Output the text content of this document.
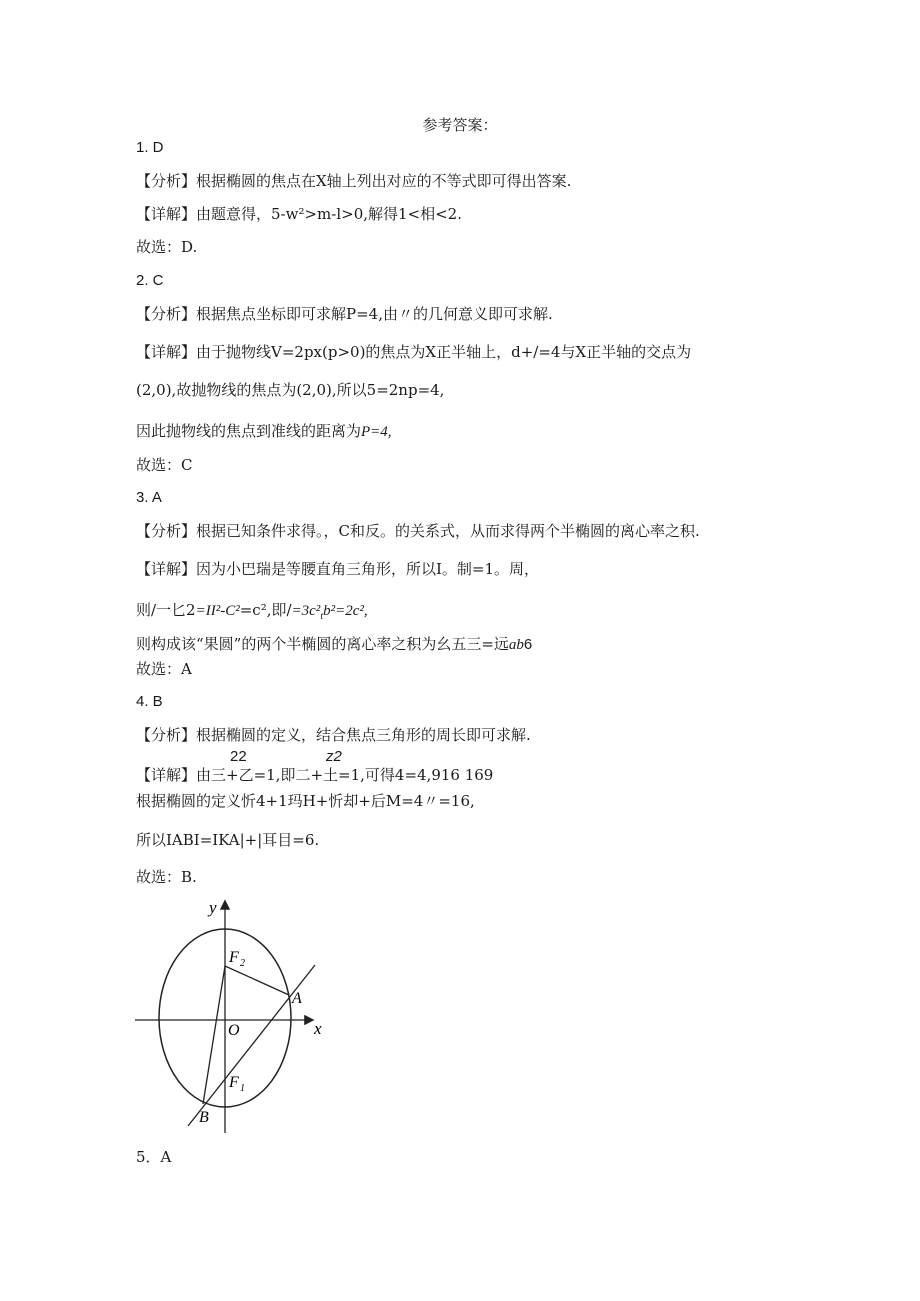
参考答案：
1. D
【分析】根据椭圆的焦点在X轴上列出对应的不等式即可得出答案.
【详解】由题意得，5-w²>m-l>0,解得1<相<2.
故选：D.
2. C
【分析】根据焦点坐标即可求解P=4,由〃的几何意义即可求解.
【详解】由于抛物线V=2px(p>0)的焦点为X正半轴上，d+/=4与X正半轴的交点为
(2,0),故抛物线的焦点为(2,0),所以5=2np=4,
因此抛物线的焦点到准线的距离为P=4,
故选：C
3. A
【分析】根据已知条件求得。，C和反。的关系式，从而求得两个半椭圆的离心率之积.
【详解】因为小巴瑞是等腰直角三角形，所以I。制=1。周，
则/一匕2=ІІ²-С²=c²,即$/=3c^2_tb^2=2c^2$,
则构成该“果圆”的两个半椭圆的离心率之积为幺五三=远ab6
故选：A
4. B
【分析】根据椭圆的定义，结合焦点三角形的周长即可求解.
22	z2
【详解】由三+乙=1,即二+土=1,可得4=4,916 169
根据椭圆的定义忻4+1玛H+忻却+后M=4〃=16,
所以IABI=IKA|+|耳目=6.
故选：B.
y
x
O
F 2
F 1
A
B
5．A
